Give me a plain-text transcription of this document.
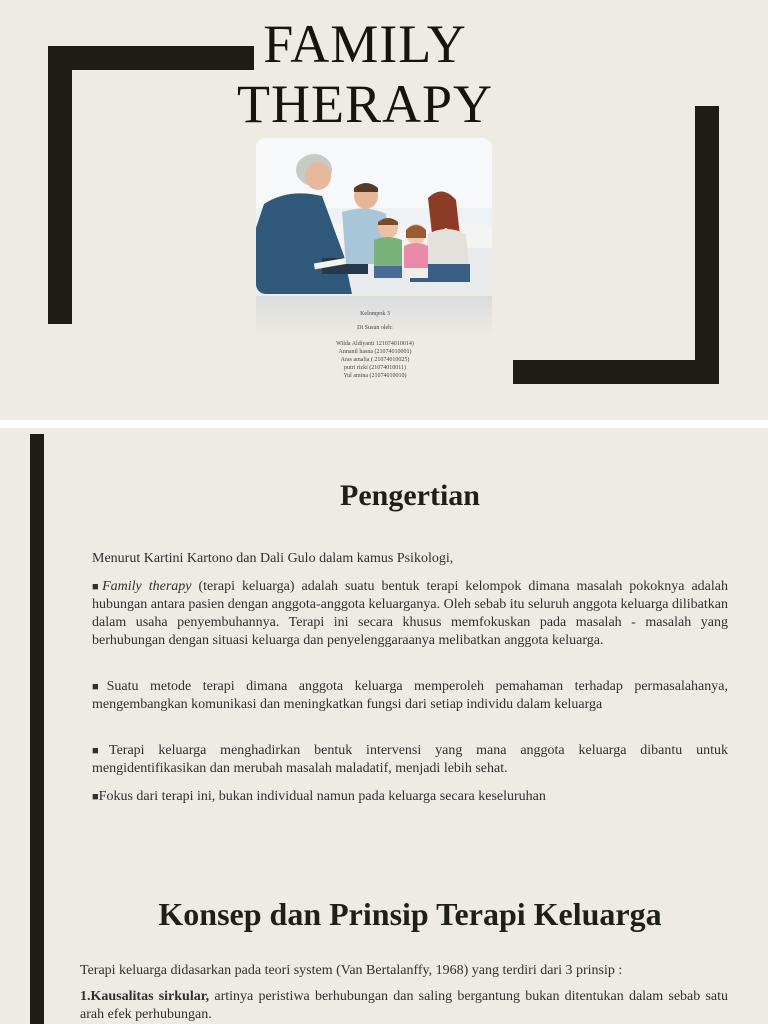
FAMILY
THERAPY
Kelompok 3
Di Susun oleh:
Wilda Aldiyanti 121074010014)
Annanil hasna (21074010001)
Aras amalia ( 21074010025)
putri rizki (21074010011)
Yul amina (21074010010)
Pengertian

Menurut Kartini Kartono dan Dali Gulo dalam kamus Psikologi,

■Family therapy (terapi keluarga) adalah suatu bentuk terapi kelompok dimana masalah pokoknya adalah hubungan antara pasien dengan anggota-anggota keluarganya. Oleh sebab itu seluruh anggota keluarga dilibatkan dalam usaha penyembuhannya. Terapi ini secara khusus memfokuskan pada masalah - masalah yang berhubungan dengan situasi keluarga dan penyelenggaraanya melibatkan anggota keluarga.

■Suatu metode terapi dimana anggota keluarga memperoleh pemahaman terhadap permasalahanya, mengembangkan komunikasi dan meningkatkan fungsi dari setiap individu dalam keluarga

■Terapi keluarga menghadirkan bentuk intervensi yang mana anggota keluarga dibantu untuk mengidentifikasikan dan merubah masalah maladatif, menjadi lebih sehat.

■Fokus dari terapi ini, bukan individual namun pada keluarga secara keseluruhan

Konsep dan Prinsip Terapi Keluarga

Terapi keluarga didasarkan pada teori system (Van Bertalanffy, 1968) yang terdiri dari 3 prinsip :

1.Kausalitas sirkular, artinya peristiwa berhubungan dan saling bergantung bukan ditentukan dalam sebab satu arah efek perhubungan.
